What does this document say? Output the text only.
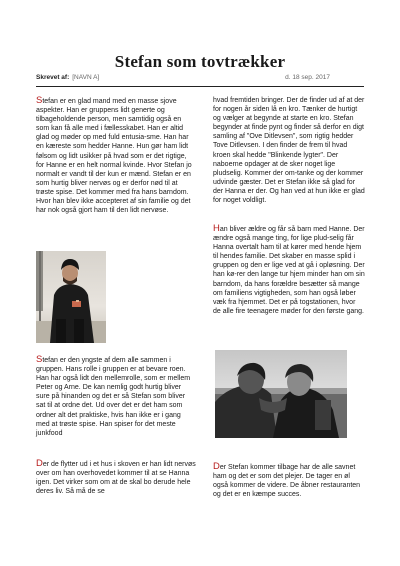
Stefan som tovtrækker
Skrevet af: [NAVN A]	d. 18 sep. 2017

Stefan er en glad mand med en masse sjove aspekter. Han er gruppens lidt generte og tilbageholdende person, men samtidig også en som kan få alle med i fællesskabet. Han er altid glad og møder op med fuld entusia-sme. Han har en kæreste som hedder Hanne. Hun gør ham lidt følsom og lidt usikker på hvad som er det rigtige, for Hanne er en helt normal kvinde. Hvor Stefan jo normalt er vandt til der kun er mænd. Stefan er en som hurtig bliver nervøs og er derfor nød til at trøste spise. Det kommer med fra hans barndom. Hvor han blev ikke accepteret af sin familie og det har nok også gjort ham til den lidt nervøse.

Stefan er den yngste af dem alle sammen i gruppen. Hans rolle i gruppen er at bevare roen. Han har også lidt den mellemrolle, som er mellem Peter og Arne. De kan nemlig godt hurtig bliver sure på hinanden og det er så Stefan som bliver sat til at ordne det. Ud over det er det ham som ordner alt det praktiske, hvis han ikke er i gang med at trøste spise. Han spiser for det meste junkfood

Der de flytter ud i et hus i skoven er han lidt nervøs over om han overhovedet kommer til at se Hanna igen. Det virker som om at de skal bo derude hele deres liv. Så må de se

hvad fremtiden bringer. Der de finder ud af at der for nogen år siden lå en kro. Tænker de hurtigt og vælger at begynde at starte en kro. Stefan begynder at finde pynt og finder så derfor en digt samling af "Ove Ditlevsen", som rigtig hedder Tove Ditlevsen. I den finder de frem til hvad kroen skal hedde "Blinkende lygter". Der naboerne opdager at de sker noget lige pludselig. Kommer der om-tanke og der kommer udvinde gæster. Det er Stefan ikke så glad for der Hanna er der. Og han ved at hun ikke er glad for noget voldligt.

Han bliver ældre og får så barn med Hanne. Der ændre også mange ting, for lige plud-selig får Hanna overtalt ham til at kører med hende hjem til hendes familie. Det skaber en masse splid i gruppen og den er lige ved at gå i opløsning. Der han kø-rer den lange tur hjem minder han om sin barndom, da hans forældre besætter så mange om familiens vigtigheden, som han også løber væk fra hjemmet. Det er på togstationen, hvor de alle fire teenagere møder for den første gang.

Der Stefan kommer tilbage har de alle savnet ham og det er som det plejer. De tager en øl også kommer de videre. De åbner restauranten og det er en kæmpe succes.
